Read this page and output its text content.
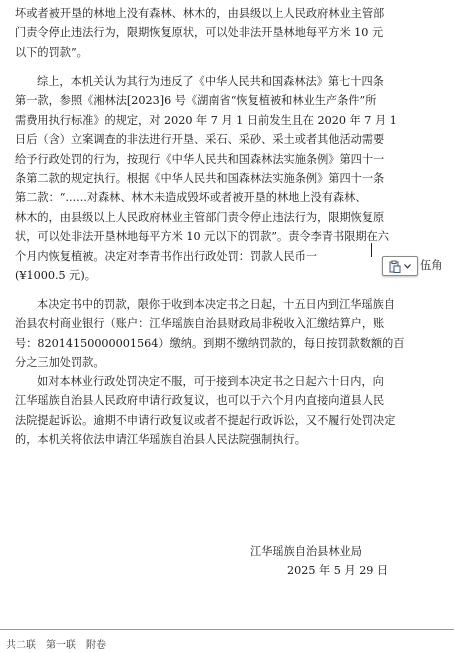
坏或者被开垦的林地上没有森林、林木的，由县级以上人民政府林业主管部
门责令停止违法行为，限期恢复原状，可以处非法开垦林地每平方米 10 元
以下的罚款”。
综上，本机关认为其行为违反了《中华人民共和国森林法》第七十四条
第一款，参照《湘林法[2023]6 号《湖南省“恢复植被和林业生产条件”所
需费用执行标准》的规定，对 2020 年 7 月 1 日前发生且在 2020 年 7 月 1
日后（含）立案调查的非法进行开垦、采石、采砂、采土或者其他活动需要
给予行政处罚的行为，按现行《中华人民共和国森林法实施条例》第四十一
条第二款的规定执行。根据《中华人民共和国森林法实施条例》第四十一条
第二款：“......对森林、林木未造成毁坏或者被开垦的林地上没有森林、
林木的，由县级以上人民政府林业主管部门责令停止违法行为，限期恢复原
状，可以处非法开垦林地每平方米 10 元以下的罚款”。责令李青书限期在六
个月内恢复植被。决定对李青书作出行政处罚：罚款人民币一
(¥1000.5 元)。
伍角
本决定书中的罚款，限你于收到本决定书之日起，十五日内到江华瑶族自
治县农村商业银行（账户：江华瑶族自治县财政局非税收入汇缴结算户，账
号：82014150000001564）缴纳。到期不缴纳罚款的，每日按罚款数额的百
分之三加处罚款。
如对本林业行政处罚决定不服，可于接到本决定书之日起六十日内，向
江华瑶族自治县人民政府申请行政复议，也可以于六个月内直接向道县人民
法院提起诉讼。逾期不申请行政复议或者不提起行政诉讼，又不履行处罚决定
的，本机关将依法申请江华瑶族自治县人民法院强制执行。
江华瑶族自治县林业局
2025 年 5 月 29 日
共二联　第一联　附卷
